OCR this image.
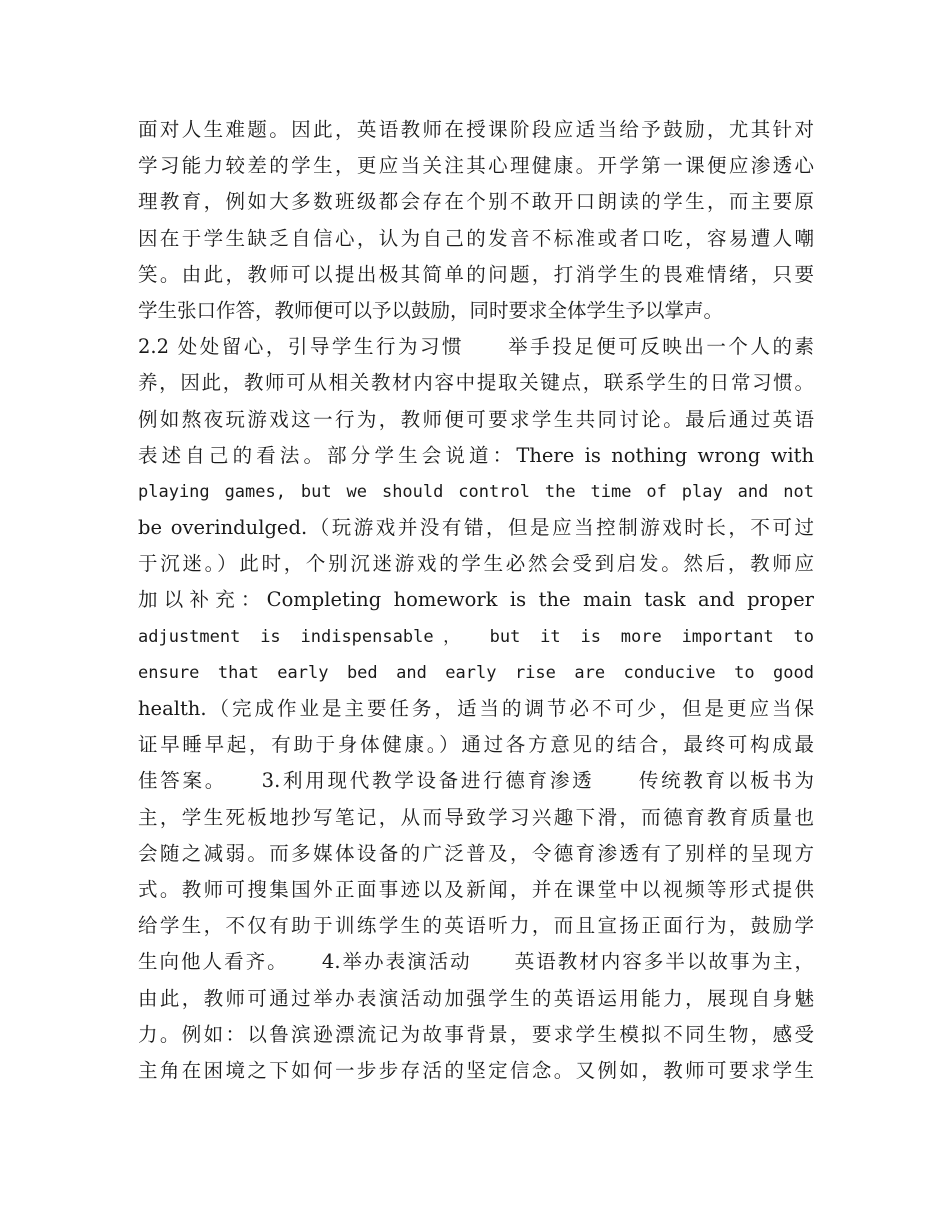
面对人生难题。因此，英语教师在授课阶段应适当给予鼓励，尤其针对
学习能力较差的学生，更应当关注其心理健康。开学第一课便应渗透心
理教育，例如大多数班级都会存在个别不敢开口朗读的学生，而主要原
因在于学生缺乏自信心，认为自己的发音不标准或者口吃，容易遭人嘲
笑。由此，教师可以提出极其简单的问题，打消学生的畏难情绪，只要
学生张口作答，教师便可以予以鼓励，同时要求全体学生予以掌声。
2.2 处处留心，引导学生行为习惯　　举手投足便可反映出一个人的素
养，因此，教师可从相关教材内容中提取关键点，联系学生的日常习惯。
例如熬夜玩游戏这一行为，教师便可要求学生共同讨论。最后通过英语
表述自己的看法。部分学生会说道：There is nothing wrong with
playing games, but we should control the time of play and not
be overindulged.（玩游戏并没有错，但是应当控制游戏时长，不可过
于沉迷。）此时，个别沉迷游戏的学生必然会受到启发。然后，教师应
加以补充：Completing homework is the main task and proper
adjustment is indispensable， but it is more important to
ensure that early bed and early rise are conducive to good
health.（完成作业是主要任务，适当的调节必不可少，但是更应当保
证早睡早起，有助于身体健康。）通过各方意见的结合，最终可构成最
佳答案。　　3.利用现代教学设备进行德育渗透　　传统教育以板书为
主，学生死板地抄写笔记，从而导致学习兴趣下滑，而德育教育质量也
会随之减弱。而多媒体设备的广泛普及，令德育渗透有了别样的呈现方
式。教师可搜集国外正面事迹以及新闻，并在课堂中以视频等形式提供
给学生，不仅有助于训练学生的英语听力，而且宣扬正面行为，鼓励学
生向他人看齐。　　4.举办表演活动　　英语教材内容多半以故事为主，
由此，教师可通过举办表演活动加强学生的英语运用能力，展现自身魅
力。例如：以鲁滨逊漂流记为故事背景，要求学生模拟不同生物，感受
主角在困境之下如何一步步存活的坚定信念。又例如，教师可要求学生
